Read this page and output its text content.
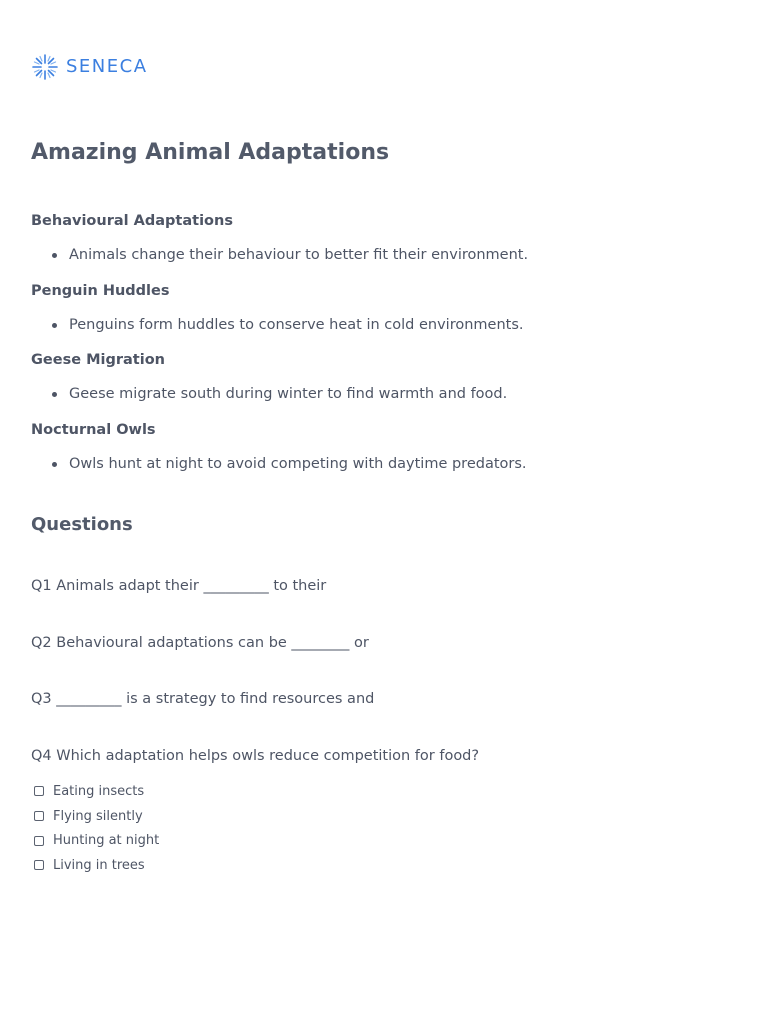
SENECA
Amazing Animal Adaptations
Behavioural Adaptations
Animals change their behaviour to better fit their environment.
Penguin Huddles
Penguins form huddles to conserve heat in cold environments.
Geese Migration
Geese migrate south during winter to find warmth and food.
Nocturnal Owls
Owls hunt at night to avoid competing with daytime predators.
Questions
Q1 Animals adapt their _________ to their
Q2 Behavioural adaptations can be ________ or
Q3 _________ is a strategy to find resources and
Q4 Which adaptation helps owls reduce competition for food?
Eating insects
Flying silently
Hunting at night
Living in trees
